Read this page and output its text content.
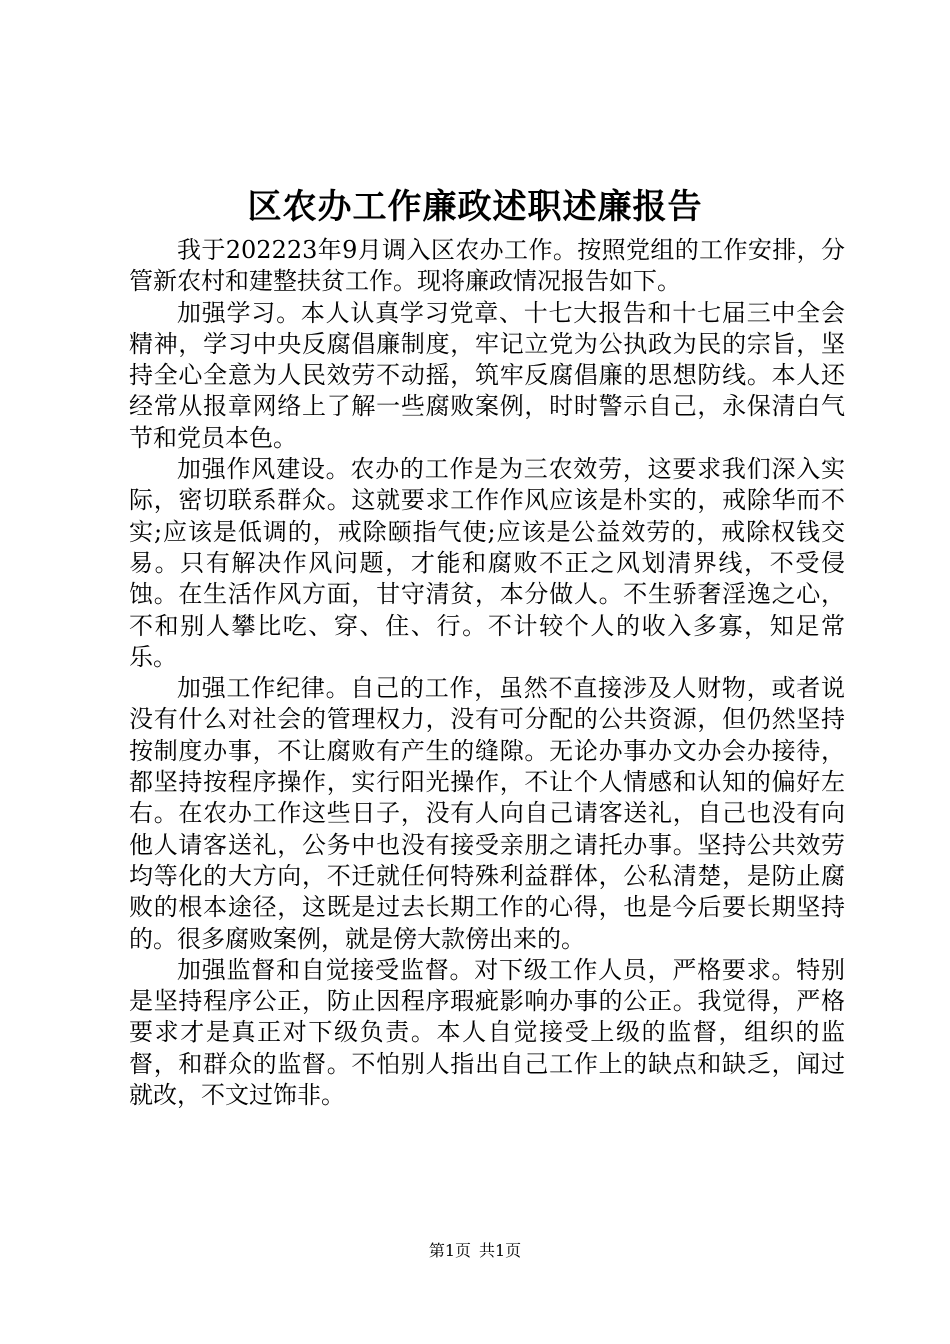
区农办工作廉政述职述廉报告

我于202223年9月调入区农办工作。按照党组的工作安排，分管新农村和建整扶贫工作。现将廉政情况报告如下。

加强学习。本人认真学习党章、十七大报告和十七届三中全会精神，学习中央反腐倡廉制度，牢记立党为公执政为民的宗旨，坚持全心全意为人民效劳不动摇，筑牢反腐倡廉的思想防线。本人还经常从报章网络上了解一些腐败案例，时时警示自己，永保清白气节和党员本色。

加强作风建设。农办的工作是为三农效劳，这要求我们深入实际，密切联系群众。这就要求工作作风应该是朴实的，戒除华而不实;应该是低调的，戒除颐指气使;应该是公益效劳的，戒除权钱交易。只有解决作风问题，才能和腐败不正之风划清界线，不受侵蚀。在生活作风方面，甘守清贫，本分做人。不生骄奢淫逸之心，不和别人攀比吃、穿、住、行。不计较个人的收入多寡，知足常乐。

加强工作纪律。自己的工作，虽然不直接涉及人财物，或者说没有什么对社会的管理权力，没有可分配的公共资源，但仍然坚持按制度办事，不让腐败有产生的缝隙。无论办事办文办会办接待，都坚持按程序操作，实行阳光操作，不让个人情感和认知的偏好左右。在农办工作这些日子，没有人向自己请客送礼，自己也没有向他人请客送礼，公务中也没有接受亲朋之请托办事。坚持公共效劳均等化的大方向，不迁就任何特殊利益群体，公私清楚，是防止腐败的根本途径，这既是过去长期工作的心得，也是今后要长期坚持的。很多腐败案例，就是傍大款傍出来的。

加强监督和自觉接受监督。对下级工作人员，严格要求。特别是坚持程序公正，防止因程序瑕疵影响办事的公正。我觉得，严格要求才是真正对下级负责。本人自觉接受上级的监督，组织的监督，和群众的监督。不怕别人指出自己工作上的缺点和缺乏，闻过就改，不文过饰非。

第1页 共1页
